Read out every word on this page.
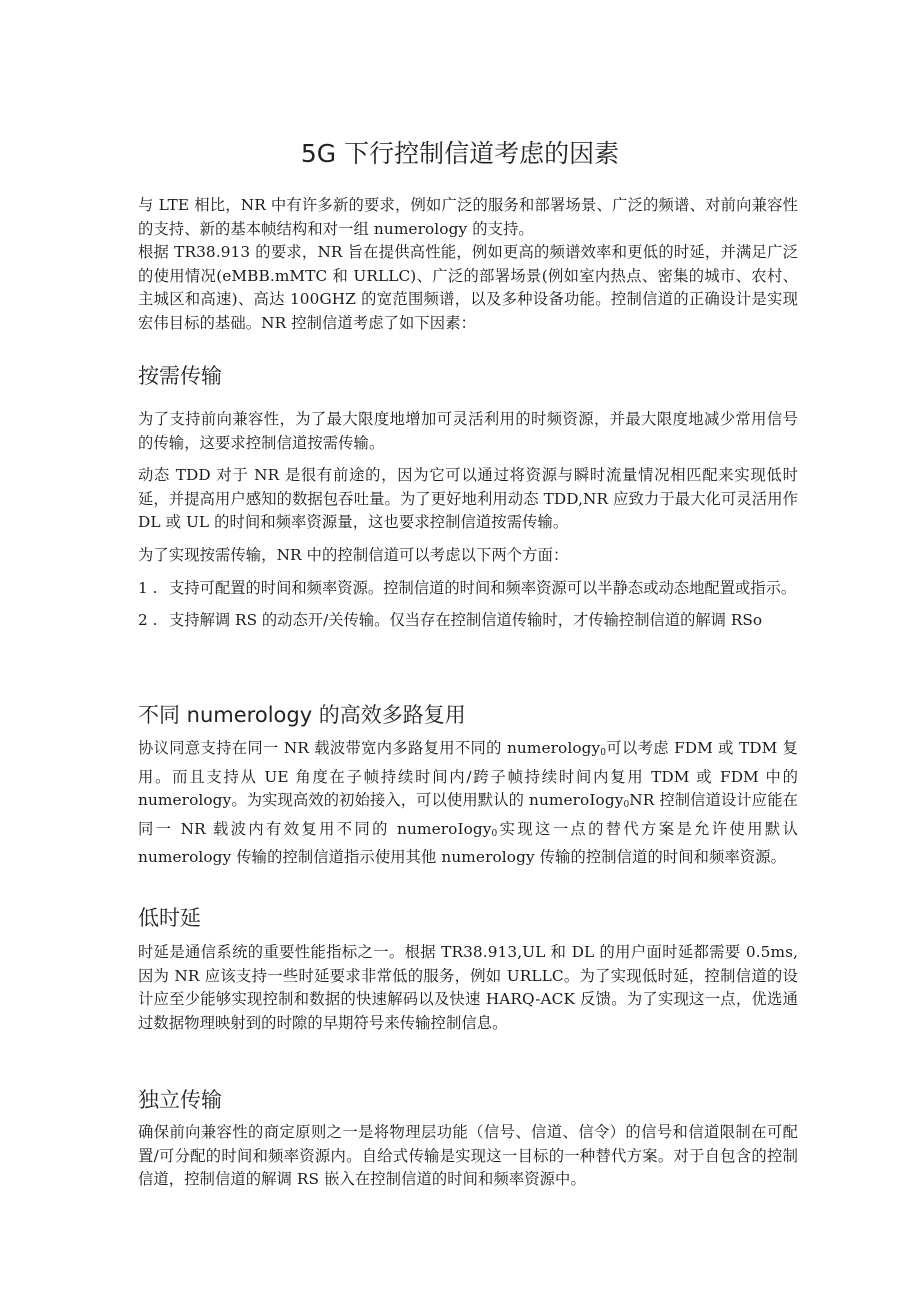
5G 下行控制信道考虑的因素

与 LTE 相比，NR 中有许多新的要求，例如广泛的服务和部署场景、广泛的频谱、对前向兼容性的支持、新的基本帧结构和对一组 numerology 的支持。

根据 TR38.913 的要求，NR 旨在提供高性能，例如更高的频谱效率和更低的时延，并满足广泛的使用情况(eMBB.mMTC 和 URLLC)、广泛的部署场景(例如室内热点、密集的城市、农村、主城区和高速)、高达 100GHZ 的宽范围频谱，以及多种设备功能。控制信道的正确设计是实现宏伟目标的基础。NR 控制信道考虑了如下因素：

按需传输

为了支持前向兼容性，为了最大限度地增加可灵活利用的时频资源，并最大限度地减少常用信号的传输，这要求控制信道按需传输。

动态 TDD 对于 NR 是很有前途的，因为它可以通过将资源与瞬时流量情况相匹配来实现低时延，并提高用户感知的数据包吞吐量。为了更好地利用动态 TDD,NR 应致力于最大化可灵活用作 DL 或 UL 的时间和频率资源量，这也要求控制信道按需传输。

为了实现按需传输，NR 中的控制信道可以考虑以下两个方面：

1 . 支持可配置的时间和频率资源。控制信道的时间和频率资源可以半静态或动态地配置或指示。
2 . 支持解调 RS 的动态开/关传输。仅当存在控制信道传输时，才传输控制信道的解调 RSo
不同 numerology 的高效多路复用

协议同意支持在同一 NR 载波带宽内多路复用不同的 numerology$_0$可以考虑 FDM 或 TDM 复用。而且支持从 UE 角度在子帧持续时间内/跨子帧持续时间内复用 TDM 或 FDM 中的 numerology。为实现高效的初始接入，可以使用默认的 numeroIogy$_0$NR 控制信道设计应能在同一 NR 载波内有效复用不同的 numeroIogy$_0$实现这一点的替代方案是允许使用默认 numerology 传输的控制信道指示使用其他 numerology 传输的控制信道的时间和频率资源。

低时延

时延是通信系统的重要性能指标之一。根据 TR38.913,UL 和 DL 的用户面时延都需要 0.5ms,因为 NR 应该支持一些时延要求非常低的服务，例如 URLLC。为了实现低时延，控制信道的设计应至少能够实现控制和数据的快速解码以及快速 HARQ-ACK 反馈。为了实现这一点，优选通过数据物理映射到的时隙的早期符号来传输控制信息。

独立传输

确保前向兼容性的商定原则之一是将物理层功能（信号、信道、信令）的信号和信道限制在可配置/可分配的时间和频率资源内。自给式传输是实现这一目标的一种替代方案。对于自包含的控制信道，控制信道的解调 RS 嵌入在控制信道的时间和频率资源中。
